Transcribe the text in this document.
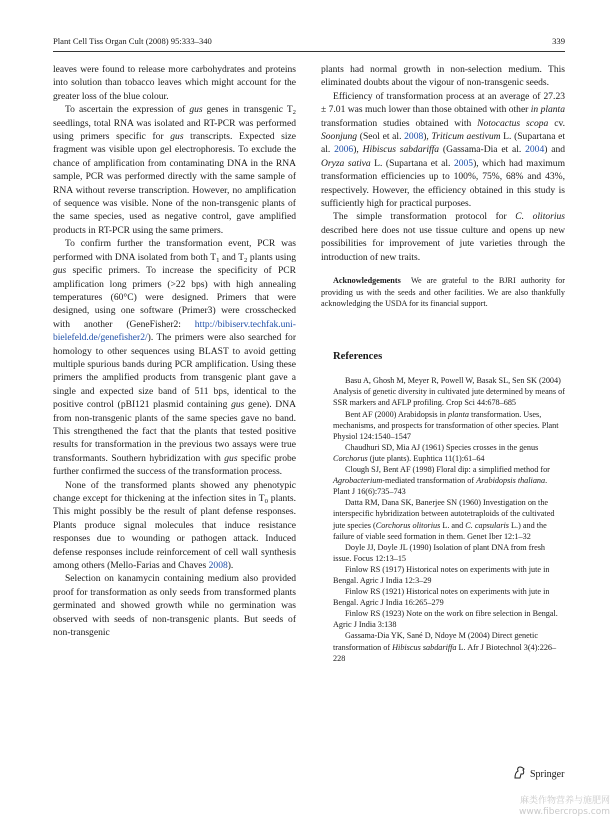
Plant Cell Tiss Organ Cult (2008) 95:333–340	339

leaves were found to release more carbohydrates and proteins into solution than tobacco leaves which might account for the greater loss of the blue colour.

To ascertain the expression of gus genes in transgenic $T_2$ seedlings, total RNA was isolated and RT-PCR was performed using primers specific for gus transcripts. Expected size fragment was visible upon gel electrophoresis. To exclude the chance of amplification from contaminating DNA in the RNA sample, PCR was performed directly with the same sample of RNA without reverse transcription. However, no amplification of sequence was visible. None of the non-transgenic plants of the same species, used as negative control, gave amplified products in RT-PCR using the same primers.

To confirm further the transformation event, PCR was performed with DNA isolated from both $T_1$ and $T_2$ plants using gus specific primers. To increase the specificity of PCR amplification long primers (>22 bps) with high annealing temperatures (60°C) were designed. Primers that were designed, using one software (Primer3) were crosschecked with another (GeneFisher2: http://bibiserv.techfak.uni-bielefeld.de/genefisher2/). The primers were also searched for homology to other sequences using BLAST to avoid getting multiple spurious bands during PCR amplification. Using these primers the amplified products from transgenic plant gave a single and expected size band of 511 bps, identical to the positive control (pBI121 plasmid containing gus gene). DNA from non-transgenic plants of the same species gave no band. This strengthened the fact that the plants that tested positive results for transformation in the previous two assays were true transformants. Southern hybridization with gus specific probe further confirmed the success of the transformation process.

None of the transformed plants showed any phenotypic change except for thickening at the infection sites in $T_0$ plants. This might possibly be the result of plant defense responses. Plants produce signal molecules that induce resistance responses due to wounding or pathogen attack. Induced defense responses include reinforcement of cell wall synthesis among others (Mello-Farias and Chaves 2008).

Selection on kanamycin containing medium also provided proof for transformation as only seeds from transformed plants germinated and showed growth while no germination was observed with seeds of non-transgenic plants. But seeds of non-transgenic

plants had normal growth in non-selection medium. This eliminated doubts about the vigour of non-transgenic seeds.

Efficiency of transformation process at an average of 27.23 ± 7.01 was much lower than those obtained with other in planta transformation studies obtained with Notocactus scopa cv. Soonjung (Seol et al. 2008), Triticum aestivum L. (Supartana et al. 2006), Hibiscus sabdariffa (Gassama-Dia et al. 2004) and Oryza sativa L. (Supartana et al. 2005), which had maximum transformation efficiencies up to 100%, 75%, 68% and 43%, respectively. However, the efficiency obtained in this study is sufficiently high for practical purposes.

The simple transformation protocol for C. olitorius described here does not use tissue culture and opens up new possibilities for improvement of jute varieties through the introduction of new traits.

Acknowledgements We are grateful to the BJRI authority for providing us with the seeds and other facilities. We are also thankfully acknowledging the USDA for its financial support.

References

Basu A, Ghosh M, Meyer R, Powell W, Basak SL, Sen SK (2004) Analysis of genetic diversity in cultivated jute determined by means of SSR markers and AFLP profiling. Crop Sci 44:678–685

Bent AF (2000) Arabidopsis in planta transformation. Uses, mechanisms, and prospects for transformation of other species. Plant Physiol 124:1540–1547

Chaudhuri SD, Mia AJ (1961) Species crosses in the genus Corchorus (jute plants). Euphtica 11(1):61–64

Clough SJ, Bent AF (1998) Floral dip: a simplified method for Agrobacterium-mediated transformation of Arabidopsis thaliana. Plant J 16(6):735–743

Datta RM, Dana SK, Banerjee SN (1960) Investigation on the interspecific hybridization between autotetraploids of the cultivated jute species (Corchorus olitorius L. and C. capsularis L.) and the failure of viable seed formation in them. Genet Iber 12:1–32

Doyle JJ, Doyle JL (1990) Isolation of plant DNA from fresh issue. Focus 12:13–15

Finlow RS (1917) Historical notes on experiments with jute in Bengal. Agric J India 12:3–29

Finlow RS (1921) Historical notes on experiments with jute in Bengal. Agric J India 16:265–279

Finlow RS (1923) Note on the work on fibre selection in Bengal. Agric J India 3:138

Gassama-Dia YK, Sané D, Ndoye M (2004) Direct genetic transformation of Hibiscus sabdariffa L. Afr J Biotechnol 3(4):226–228

Springer
麻类作物营养与施肥网
www.fibercrops.com
